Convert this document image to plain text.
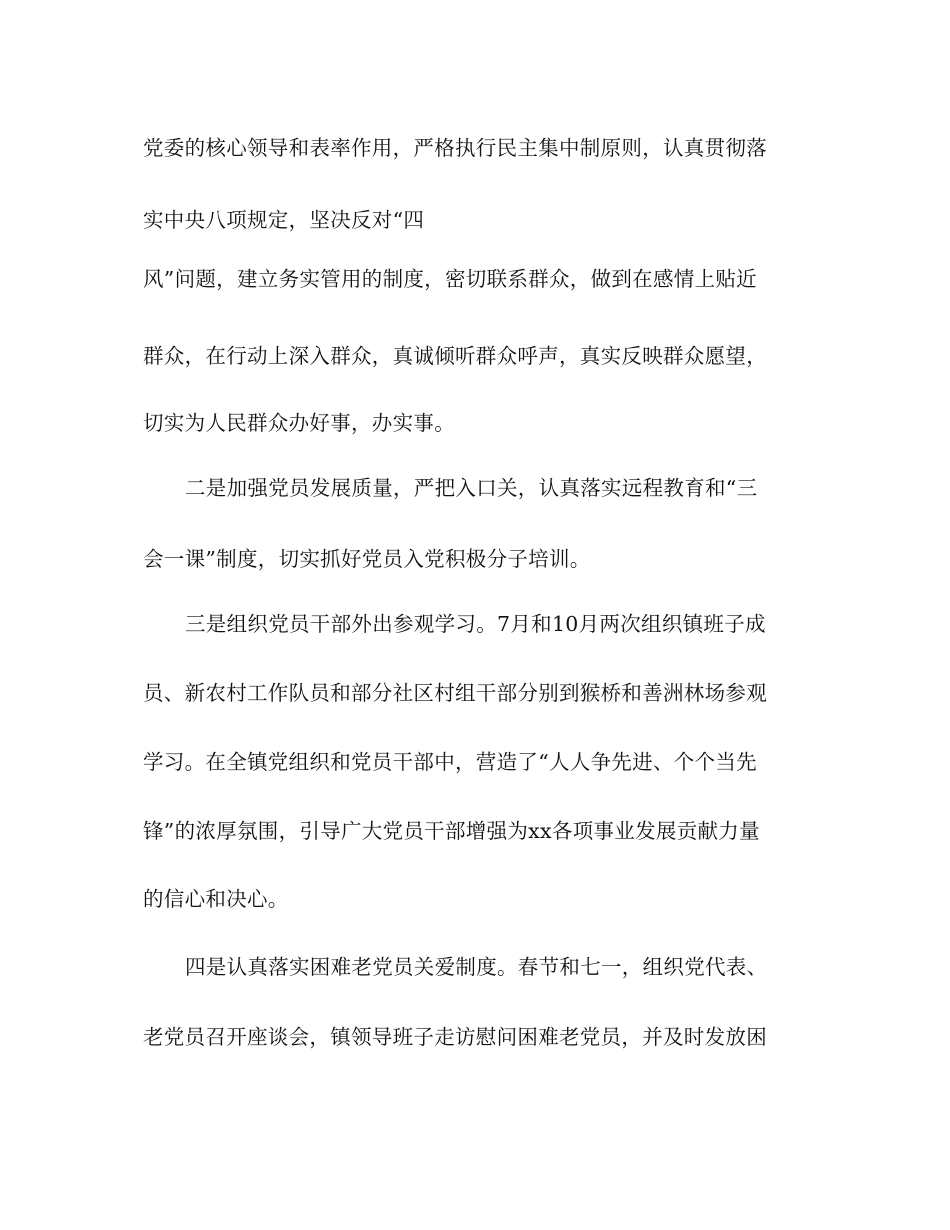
党委的核心领导和表率作用，严格执行民主集中制原则，认真贯彻落
实中央八项规定，坚决反对“四
风”问题，建立务实管用的制度，密切联系群众，做到在感情上贴近
群众，在行动上深入群众，真诚倾听群众呼声，真实反映群众愿望，
切实为人民群众办好事，办实事。
二是加强党员发展质量，严把入口关，认真落实远程教育和“三
会一课”制度，切实抓好党员入党积极分子培训。
三是组织党员干部外出参观学习。7月和10月两次组织镇班子成
员、新农村工作队员和部分社区村组干部分别到猴桥和善洲林场参观
学习。在全镇党组织和党员干部中，营造了“人人争先进、个个当先
锋”的浓厚氛围，引导广大党员干部增强为xx各项事业发展贡献力量
的信心和决心。
四是认真落实困难老党员关爱制度。春节和七一，组织党代表、
老党员召开座谈会，镇领导班子走访慰问困难老党员，并及时发放困
